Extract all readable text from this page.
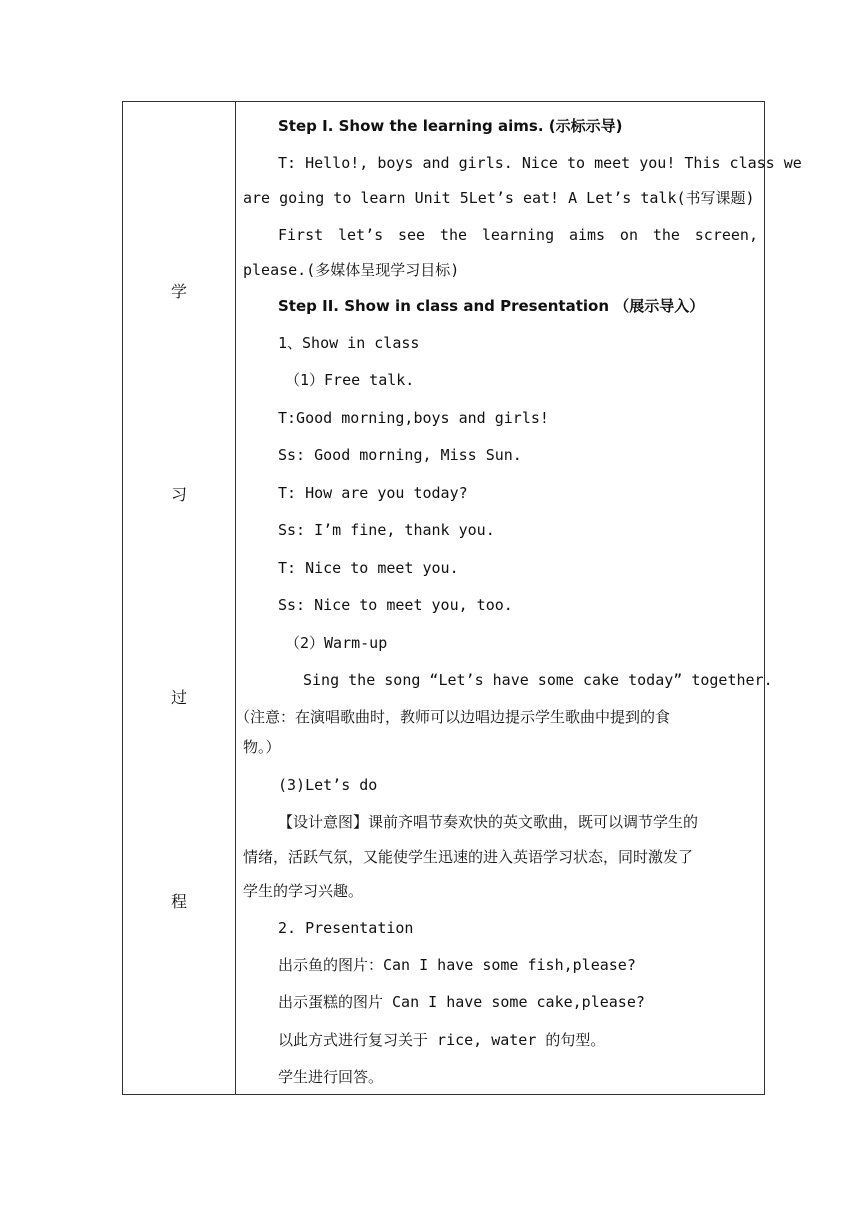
学
习
过
程
Step I. Show the learning aims. (示标示导)
T: Hello!, boys and girls. Nice to meet you! This class we
are going to learn Unit 5Let’s eat! A Let’s talk(书写课题)
First let’s see the learning aims on the screen,
please.(多媒体呈现学习目标)
Step II. Show in class and Presentation （展示导入）
1、Show in class
（1）Free talk.
T:Good morning,boys and girls!
Ss: Good morning, Miss Sun.
T: How are you today?
Ss: I’m fine, thank you.
T: Nice to meet you.
Ss: Nice to meet you, too.
（2）Warm-up
Sing the song “Let’s have some cake today” together.
（注意：在演唱歌曲时，教师可以边唱边提示学生歌曲中提到的食
物。）
(3)Let’s do
【设计意图】课前齐唱节奏欢快的英文歌曲，既可以调节学生的
情绪，活跃气氛，又能使学生迅速的进入英语学习状态，同时激发了
学生的学习兴趣。
2. Presentation
出示鱼的图片：Can I have some fish,please?
出示蛋糕的图片 Can I have some cake,please?
以此方式进行复习关于 rice, water 的句型。
学生进行回答。
